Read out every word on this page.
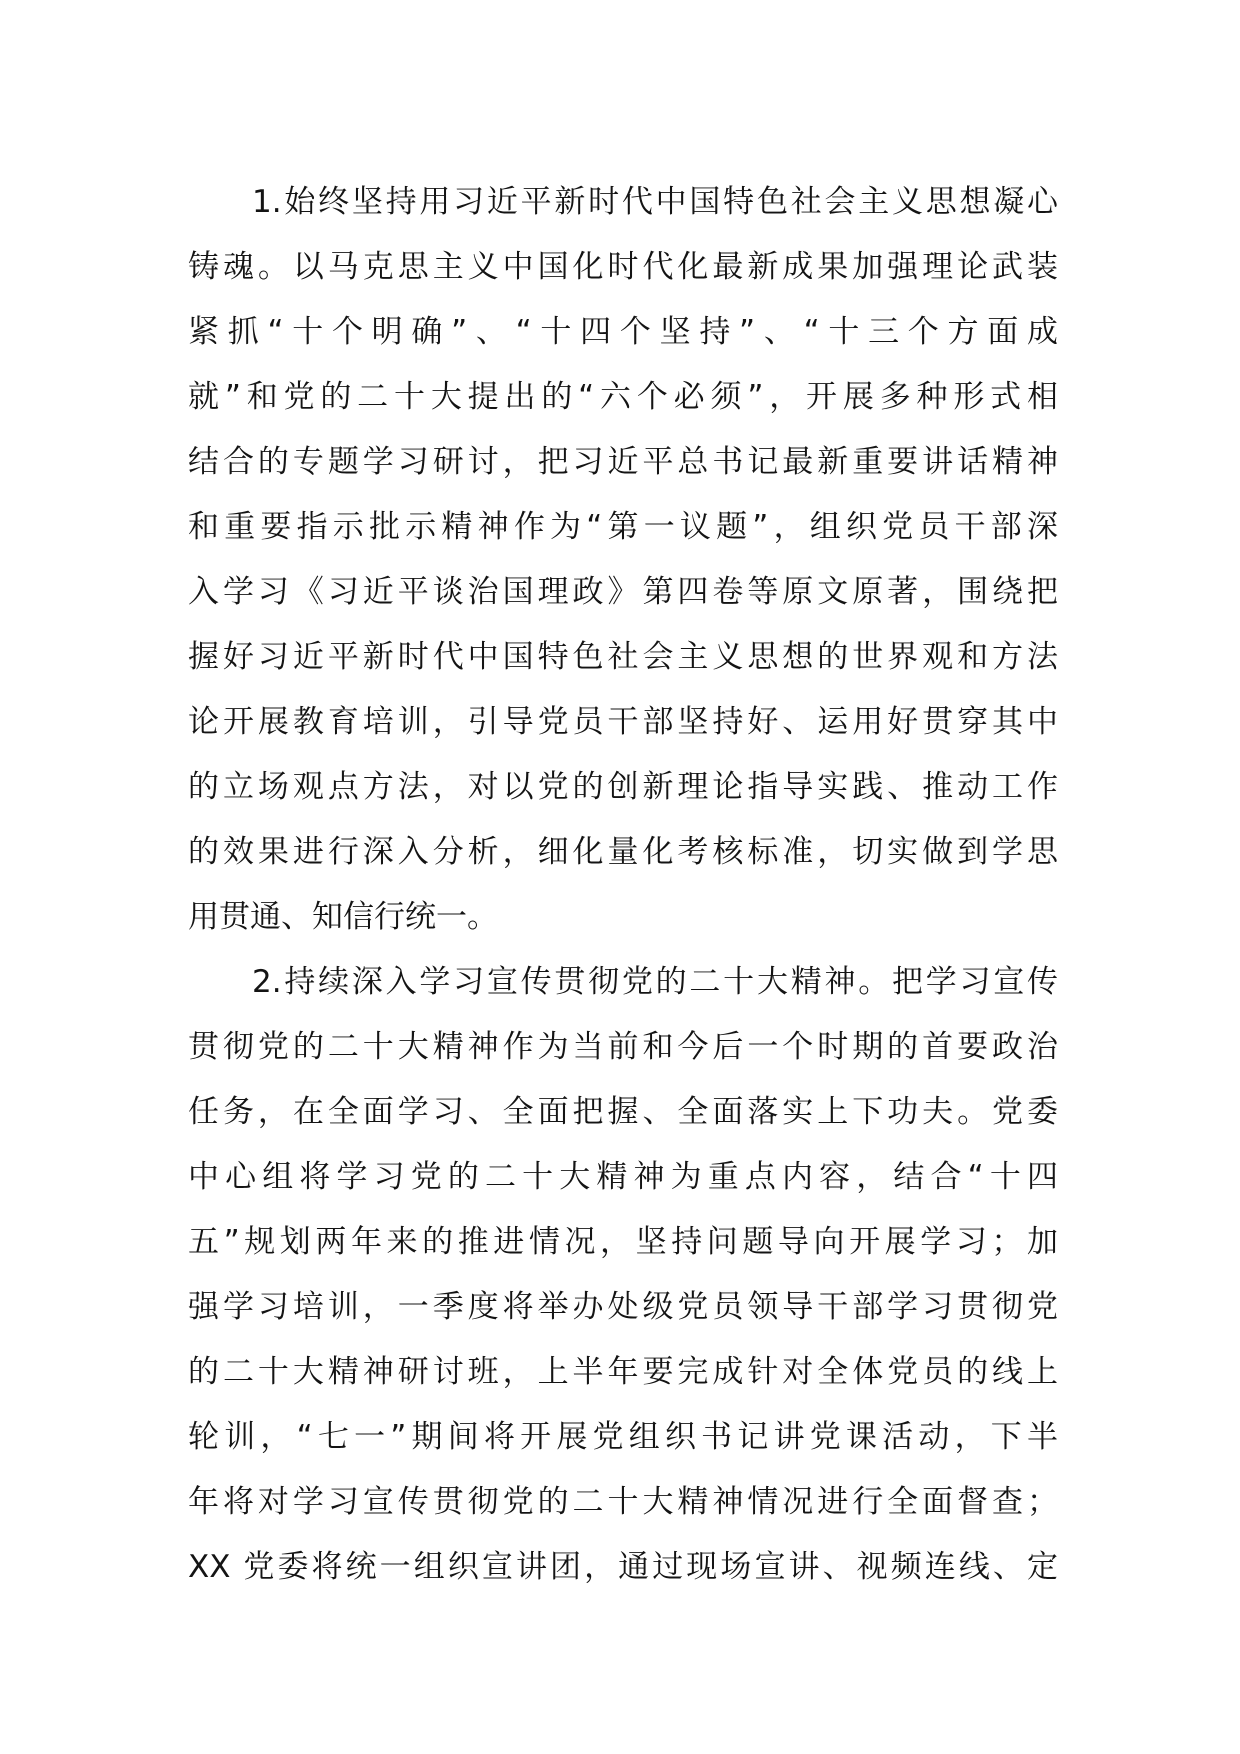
1.始终坚持用习近平新时代中国特色社会主义思想凝心
铸魂。以马克思主义中国化时代化最新成果加强理论武装
紧抓“十个明确”、“十四个坚持”、“十三个方面成
就”和党的二十大提出的“六个必须”，开展多种形式相
结合的专题学习研讨，把习近平总书记最新重要讲话精神
和重要指示批示精神作为“第一议题”，组织党员干部深
入学习《习近平谈治国理政》第四卷等原文原著，围绕把
握好习近平新时代中国特色社会主义思想的世界观和方法
论开展教育培训，引导党员干部坚持好、运用好贯穿其中
的立场观点方法，对以党的创新理论指导实践、推动工作
的效果进行深入分析，细化量化考核标准，切实做到学思
用贯通、知信行统一。
2.持续深入学习宣传贯彻党的二十大精神。把学习宣传
贯彻党的二十大精神作为当前和今后一个时期的首要政治
任务，在全面学习、全面把握、全面落实上下功夫。党委
中心组将学习党的二十大精神为重点内容，结合“十四
五”规划两年来的推进情况，坚持问题导向开展学习；加
强学习培训，一季度将举办处级党员领导干部学习贯彻党
的二十大精神研讨班，上半年要完成针对全体党员的线上
轮训，“七一”期间将开展党组织书记讲党课活动，下半
年将对学习宣传贯彻党的二十大精神情况进行全面督查；
XX 党委将统一组织宣讲团，通过现场宣讲、视频连线、定
